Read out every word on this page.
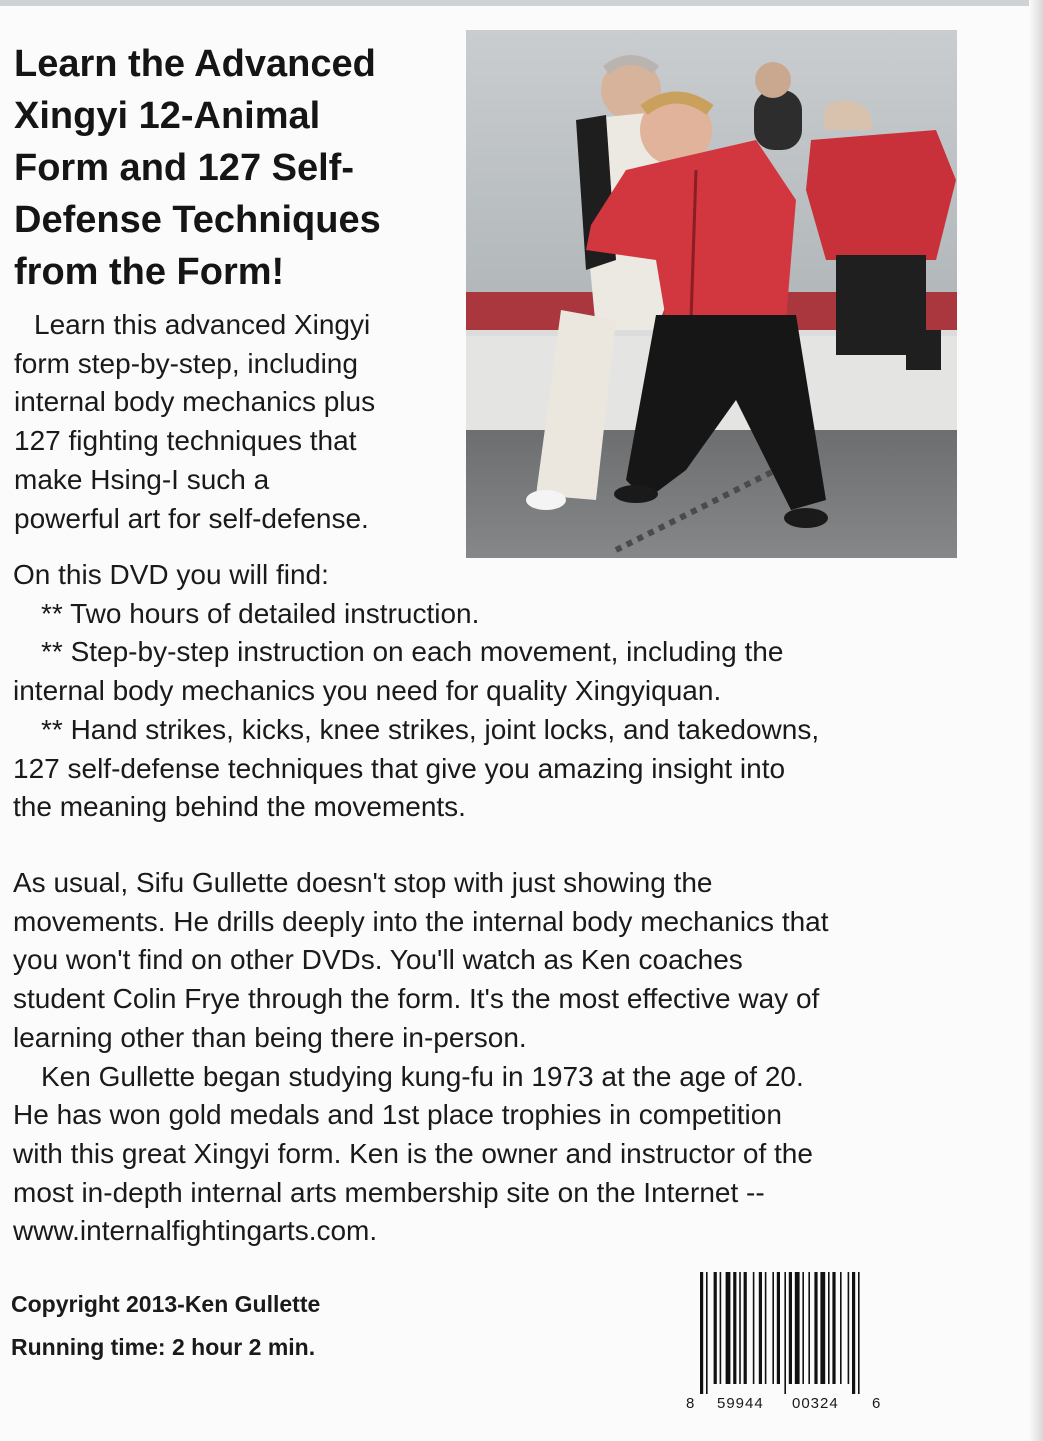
Learn the Advanced
Xingyi 12-Animal
Form and 127 Self-
Defense Techniques
from the Form!

Learn this advanced Xingyi

form step-by-step, including

internal body mechanics plus

127 fighting techniques that

make Hsing-I such a

powerful art for self-defense.

On this DVD you will find:

** Two hours of detailed instruction.

** Step-by-step instruction on each movement, including the

internal body mechanics you need for quality Xingyiquan.

** Hand strikes, kicks, knee strikes, joint locks, and takedowns,

127 self-defense techniques that give you amazing insight into

the meaning behind the movements.

As usual, Sifu Gullette doesn't stop with just showing the

movements. He drills deeply into the internal body mechanics that

you won't find on other DVDs. You'll watch as Ken coaches

student Colin Frye through the form. It's the most effective way of

learning other than being there in-person.

Ken Gullette began studying kung-fu in 1973 at the age of 20.

He has won gold medals and 1st place trophies in competition

with this great Xingyi form. Ken is the owner and instructor of the

most in-depth internal arts membership site on the Internet --

www.internalfightingarts.com.

Copyright 2013-Ken Gullette
Running time: 2 hour 2 min.
8 59944 00324 6
